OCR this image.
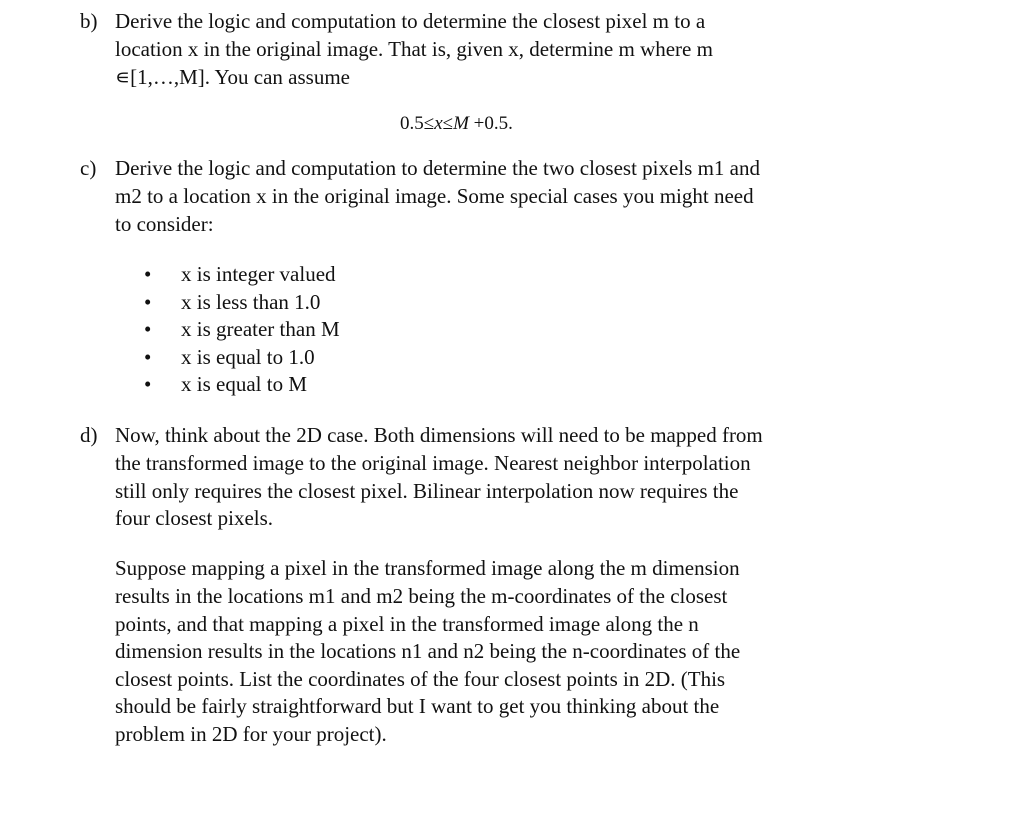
b) Derive the logic and computation to determine the closest pixel m to a
location x in the original image. That is, given x, determine m where m
∊[1,…,M]. You can assume
0.5≤x≤M +0.5.
c) Derive the logic and computation to determine the two closest pixels m1 and
m2 to a location x in the original image. Some special cases you might need
to consider:
• x is integer valued
• x is less than 1.0
• x is greater than M
• x is equal to 1.0
• x is equal to M
d) Now, think about the 2D case. Both dimensions will need to be mapped from
the transformed image to the original image. Nearest neighbor interpolation
still only requires the closest pixel. Bilinear interpolation now requires the
four closest pixels.
Suppose mapping a pixel in the transformed image along the m dimension
results in the locations m1 and m2 being the m-coordinates of the closest
points, and that mapping a pixel in the transformed image along the n
dimension results in the locations n1 and n2 being the n-coordinates of the
closest points. List the coordinates of the four closest points in 2D. (This
should be fairly straightforward but I want to get you thinking about the
problem in 2D for your project).
